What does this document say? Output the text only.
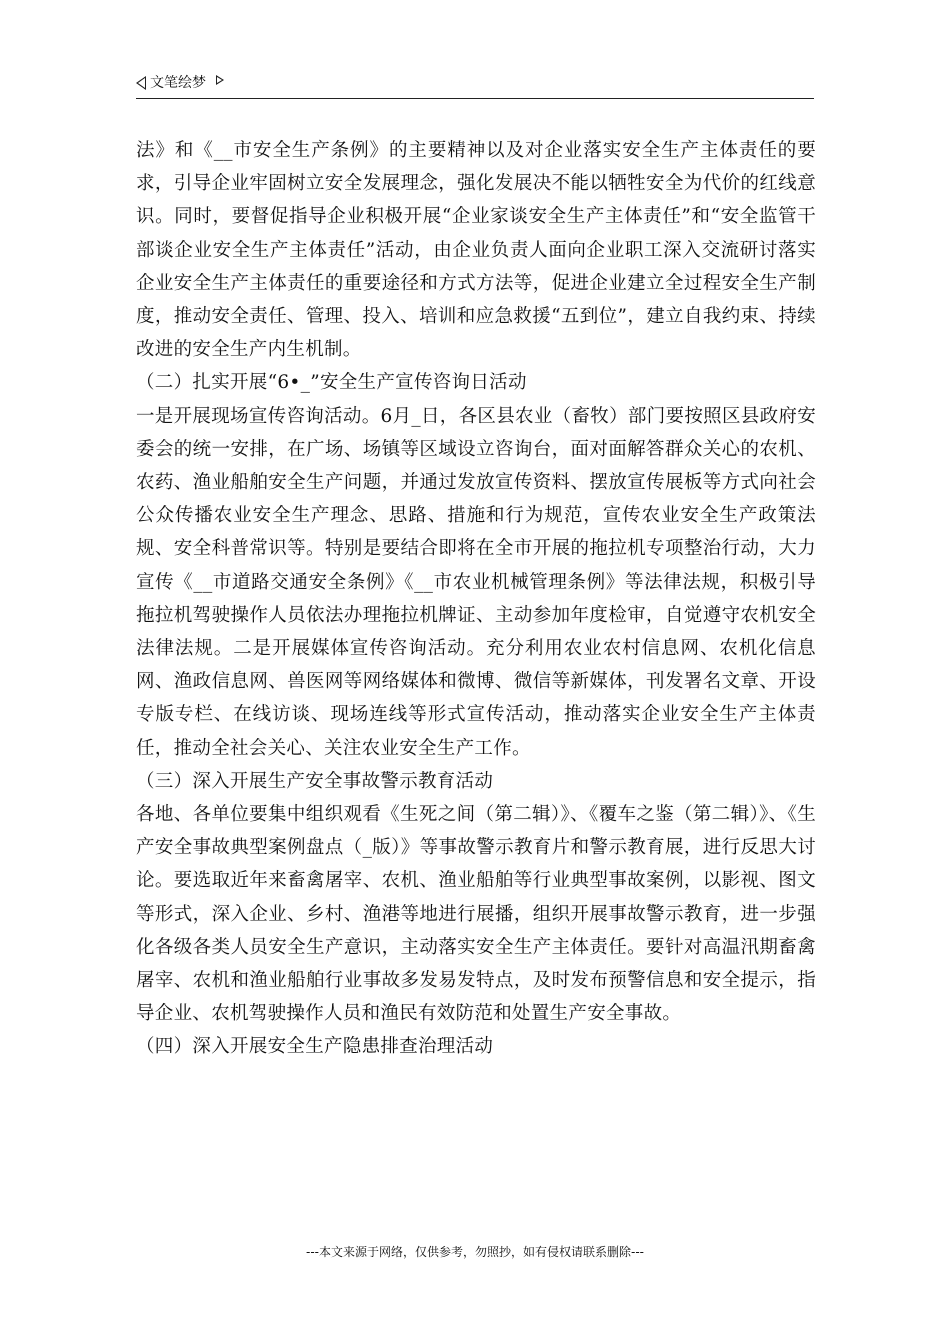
文笔绘梦

法》和《__市安全生产条例》的主要精神以及对企业落实安全生产主体责任的要求，引导企业牢固树立安全发展理念，强化发展决不能以牺牲安全为代价的红线意识。同时，要督促指导企业积极开展“企业家谈安全生产主体责任”和“安全监管干部谈企业安全生产主体责任”活动，由企业负责人面向企业职工深入交流研讨落实企业安全生产主体责任的重要途径和方式方法等，促进企业建立全过程安全生产制度，推动安全责任、管理、投入、培训和应急救援“五到位”，建立自我约束、持续改进的安全生产内生机制。

（二）扎实开展“6•_”安全生产宣传咨询日活动

一是开展现场宣传咨询活动。6月_日，各区县农业（畜牧）部门要按照区县政府安委会的统一安排，在广场、场镇等区域设立咨询台，面对面解答群众关心的农机、农药、渔业船舶安全生产问题，并通过发放宣传资料、摆放宣传展板等方式向社会公众传播农业安全生产理念、思路、措施和行为规范，宣传农业安全生产政策法规、安全科普常识等。特别是要结合即将在全市开展的拖拉机专项整治行动，大力宣传《__市道路交通安全条例》《__市农业机械管理条例》等法律法规，积极引导拖拉机驾驶操作人员依法办理拖拉机牌证、主动参加年度检审，自觉遵守农机安全法律法规。二是开展媒体宣传咨询活动。充分利用农业农村信息网、农机化信息网、渔政信息网、兽医网等网络媒体和微博、微信等新媒体，刊发署名文章、开设专版专栏、在线访谈、现场连线等形式宣传活动，推动落实企业安全生产主体责任，推动全社会关心、关注农业安全生产工作。

（三）深入开展生产安全事故警示教育活动

各地、各单位要集中组织观看《生死之间（第二辑）》、《覆车之鉴（第二辑）》、《生产安全事故典型案例盘点（_版）》等事故警示教育片和警示教育展，进行反思大讨论。要选取近年来畜禽屠宰、农机、渔业船舶等行业典型事故案例，以影视、图文等形式，深入企业、乡村、渔港等地进行展播，组织开展事故警示教育，进一步强化各级各类人员安全生产意识，主动落实安全生产主体责任。要针对高温汛期畜禽屠宰、农机和渔业船舶行业事故多发易发特点，及时发布预警信息和安全提示，指导企业、农机驾驶操作人员和渔民有效防范和处置生产安全事故。

（四）深入开展安全生产隐患排查治理活动

---本文来源于网络，仅供参考，勿照抄，如有侵权请联系删除---
